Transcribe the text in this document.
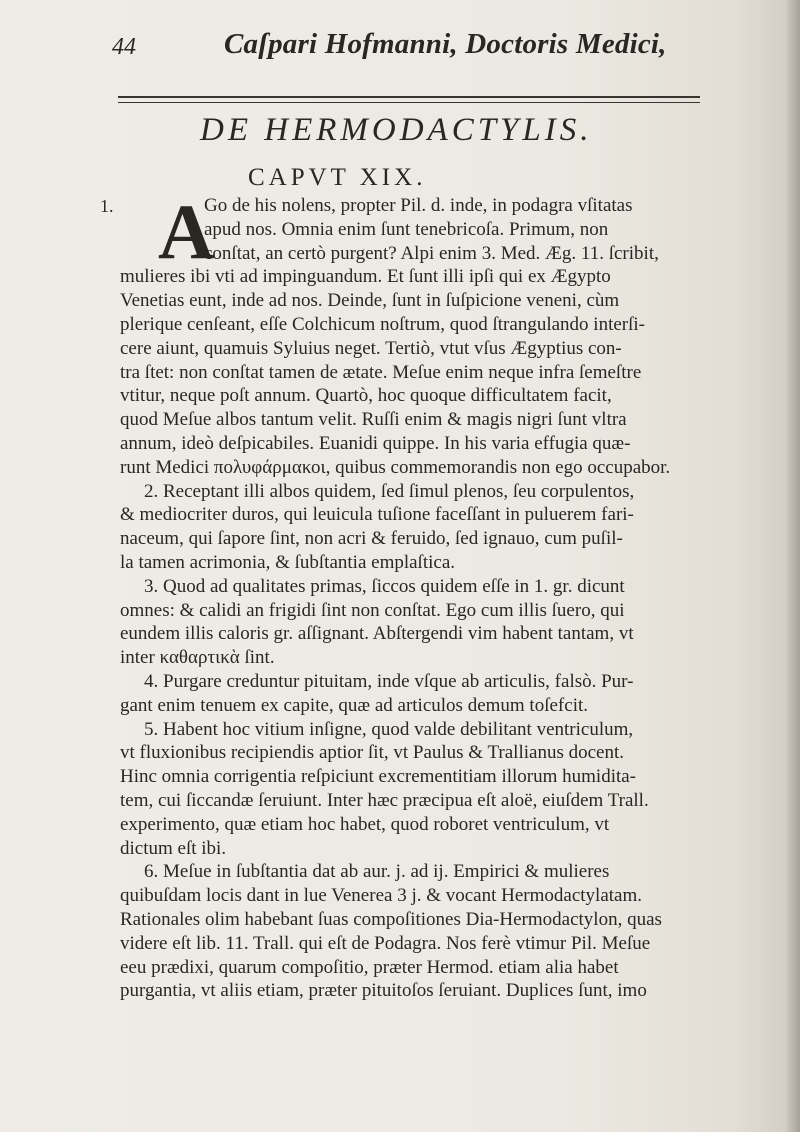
44	Caſpari Hofmanni, Doctoris Medici,
DE HERMODACTYLIS.
CAPVT XIX.
1. A
Go de his nolens, propter Pil. d. inde, in podagra vſitatas
apud nos. Omnia enim ſunt tenebricoſa. Primum, non
conſtat, an certò purgent? Alpi enim 3. Med. Æg. 11. ſcribit,
mulieres ibi vti ad impinguandum. Et ſunt illi ipſi qui ex Ægypto
Venetias eunt, inde ad nos. Deinde, ſunt in ſuſpicione veneni, cùm
plerique cenſeant, eſſe Colchicum noſtrum, quod ſtrangulando interſi-
cere aiunt, quamuis Syluius neget. Tertiò, vtut vſus Ægyptius con-
tra ſtet: non conſtat tamen de ætate. Meſue enim neque infra ſemeſtre
vtitur, neque poſt annum. Quartò, hoc quoque difficultatem facit,
quod Meſue albos tantum velit. Ruſſi enim & magis nigri ſunt vltra
annum, ideò deſpicabiles. Euanidi quippe. In his varia effugia quæ-
runt Medici πολυφάρμακοι, quibus commemorandis non ego occupabor.
2. Receptant illi albos quidem, ſed ſimul plenos, ſeu corpulentos,
& mediocriter duros, qui leuicula tuſione faceſſant in puluerem fari-
naceum, qui ſapore ſint, non acri & feruido, ſed ignauo, cum puſil-
la tamen acrimonia, & ſubſtantia emplaſtica.
3. Quod ad qualitates primas, ſiccos quidem eſſe in 1. gr. dicunt
omnes: & calidi an frigidi ſint non conſtat. Ego cum illis ſuero, qui
eundem illis caloris gr. aſſignant. Abſtergendi vim habent tantam, vt
inter καθαρτικὰ ſint.
4. Purgare creduntur pituitam, inde vſque ab articulis, falsò. Pur-
gant enim tenuem ex capite, quæ ad articulos demum toſefcit.
5. Habent hoc vitium inſigne, quod valde debilitant ventriculum,
vt fluxionibus recipiendis aptior ſit, vt Paulus & Trallianus docent.
Hinc omnia corrigentia reſpiciunt excrementitiam illorum humidita-
tem, cui ſiccandæ ſeruiunt. Inter hæc præcipua eſt aloë, eiuſdem Trall.
experimento, quæ etiam hoc habet, quod roboret ventriculum, vt
dictum eſt ibi.
6. Meſue in ſubſtantia dat ab aur. j. ad ij. Empirici & mulieres
quibuſdam locis dant in lue Venerea 3 j. & vocant Hermodactylatam.
Rationales olim habebant ſuas compoſitiones Dia-Hermodactylon, quas
videre eſt lib. 11. Trall. qui eſt de Podagra. Nos ferè vtimur Pil. Meſue
eeu prædixi, quarum compoſitio, præter Hermod. etiam alia habet
purgantia, vt aliis etiam, præter pituitoſos ſeruiant. Duplices ſunt, imo
